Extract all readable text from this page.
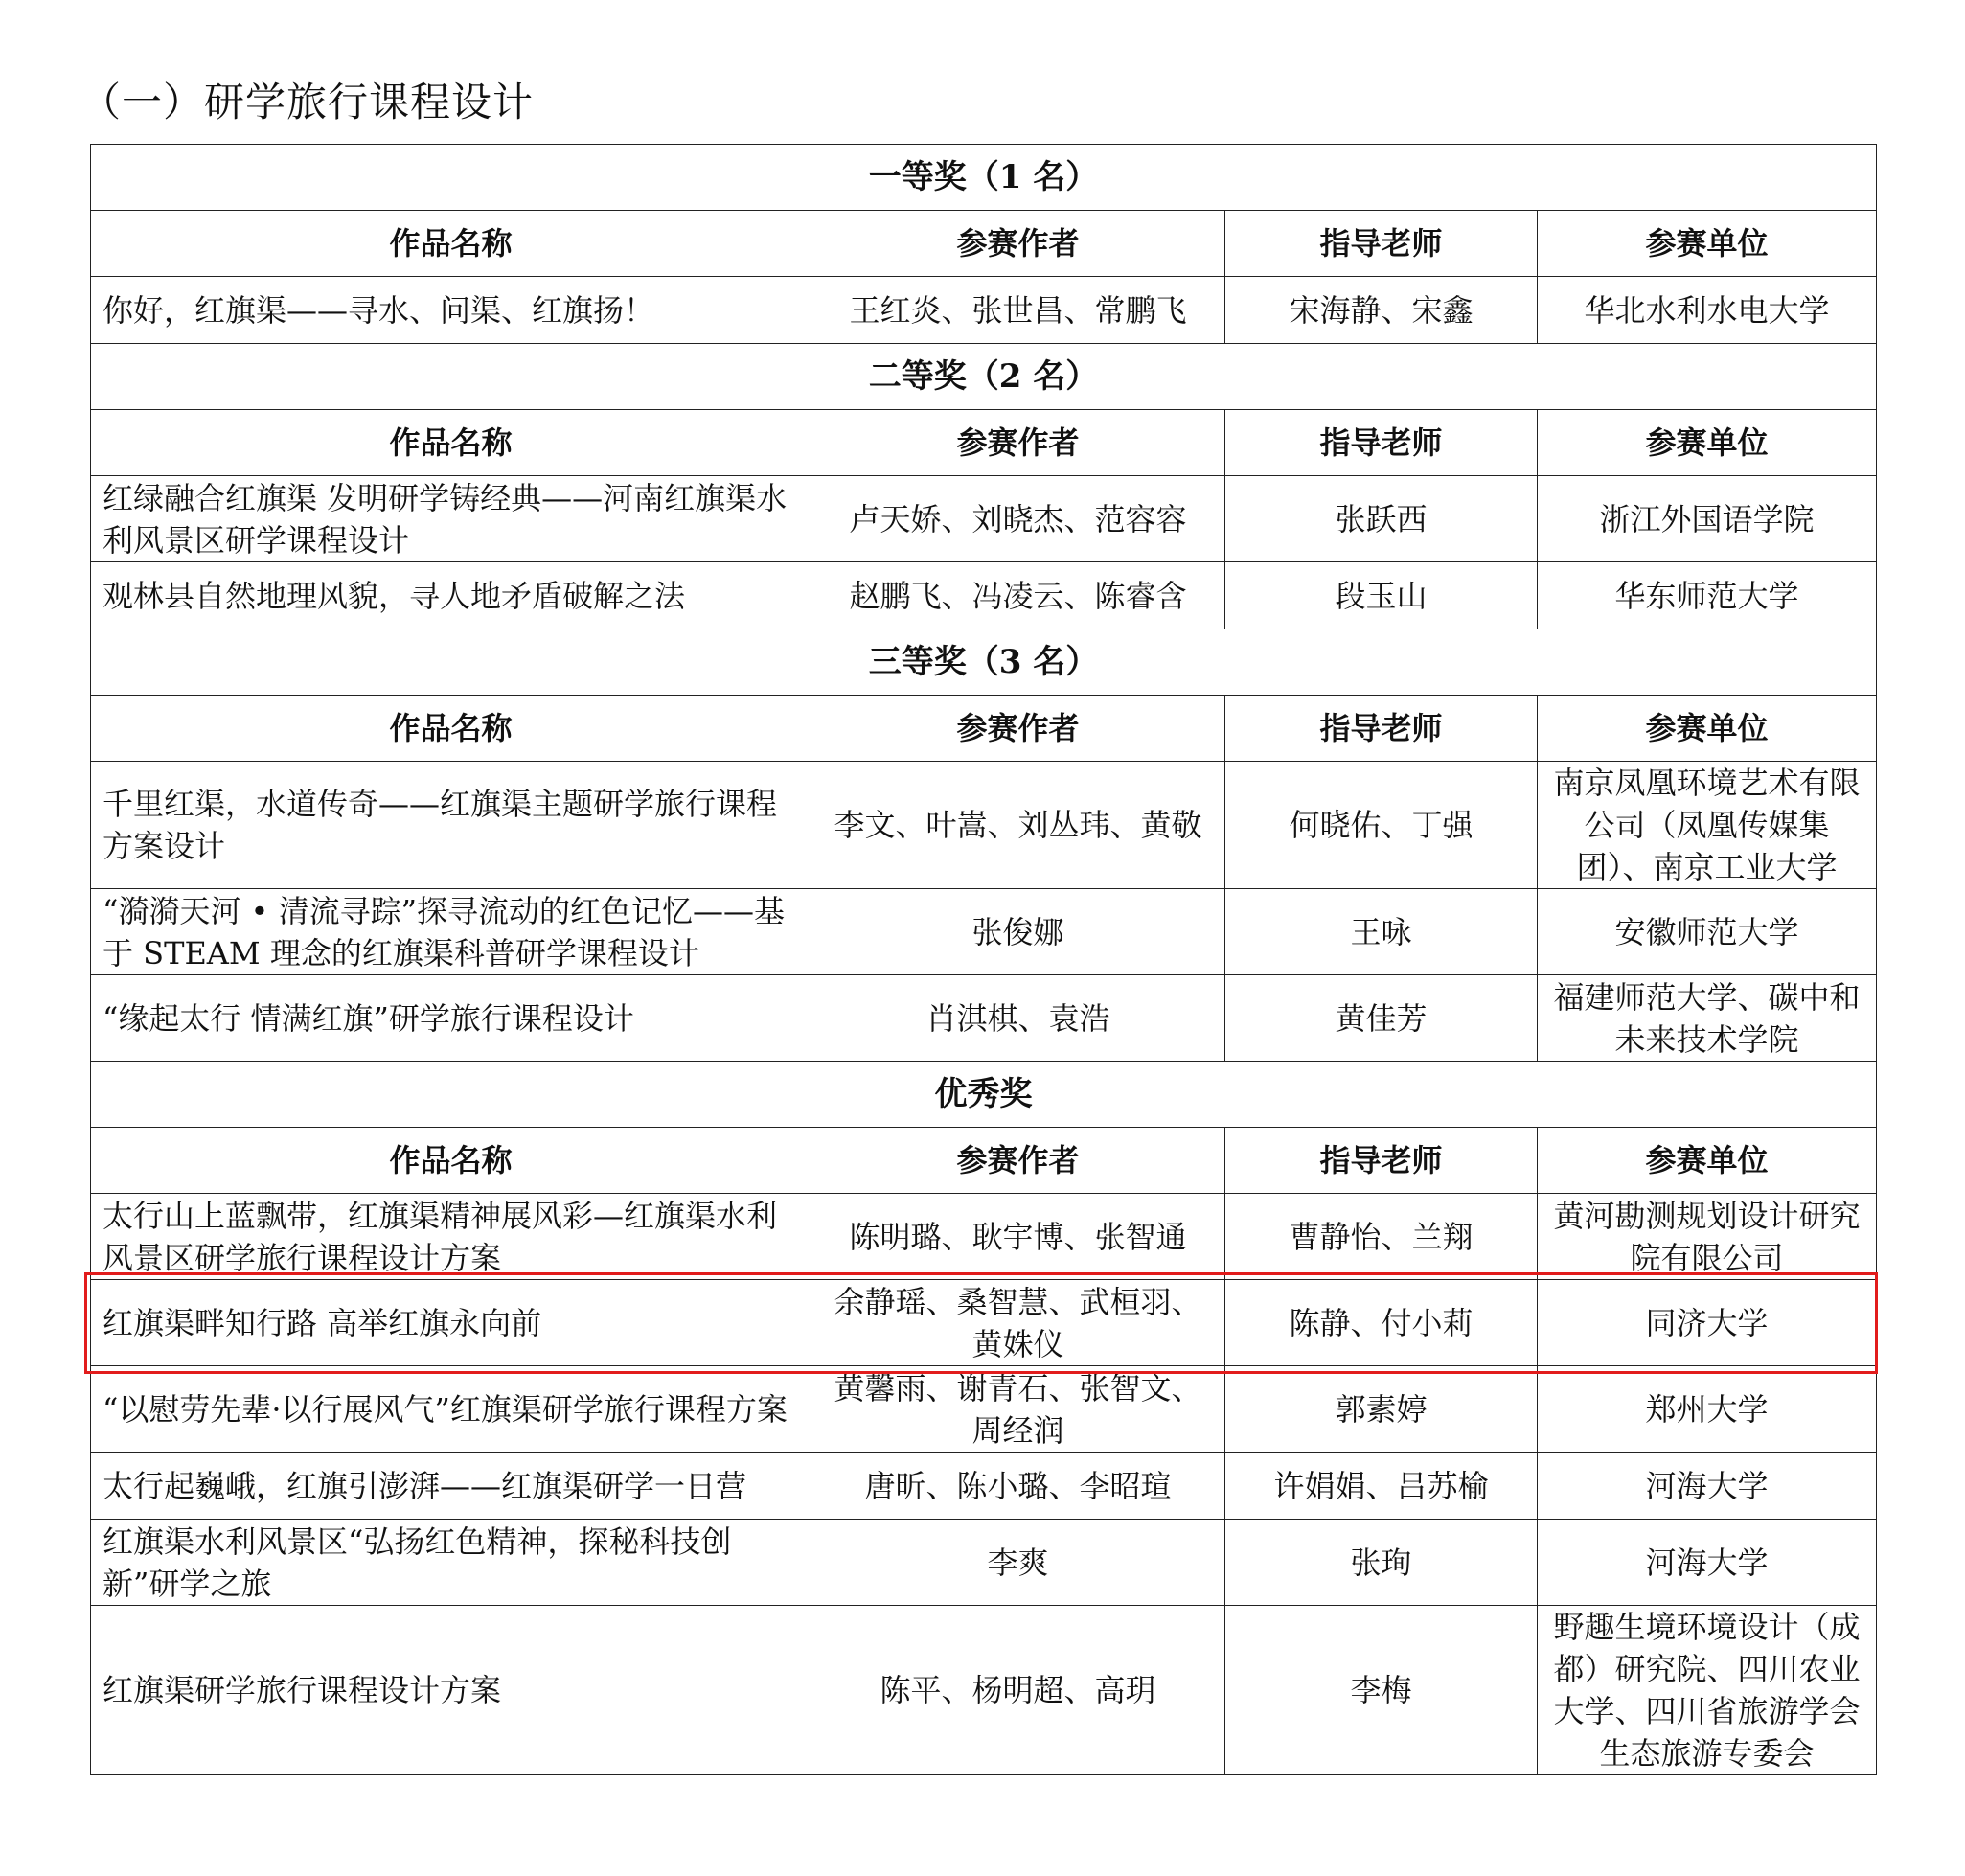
（一）研学旅行课程设计
一等奖（1 名）			
作品名称	参赛作者	指导老师	参赛单位
你好，红旗渠——寻水、问渠、红旗扬！	王红炎、张世昌、常鹏飞	宋海静、宋鑫	华北水利水电大学
二等奖（2 名）			
作品名称	参赛作者	指导老师	参赛单位
红绿融合红旗渠 发明研学铸经典——河南红旗渠水利风景区研学课程设计	卢天娇、刘晓杰、范容容	张跃西	浙江外国语学院
观林县自然地理风貌，寻人地矛盾破解之法	赵鹏飞、冯凌云、陈睿含	段玉山	华东师范大学
三等奖（3 名）			
作品名称	参赛作者	指导老师	参赛单位
千里红渠，水道传奇——红旗渠主题研学旅行课程方案设计	李文、叶嵩、刘丛玮、黄敬	何晓佑、丁强	南京凤凰环境艺术有限公司（凤凰传媒集团）、南京工业大学
“漪漪天河 • 清流寻踪”探寻流动的红色记忆——基于 STEAM 理念的红旗渠科普研学课程设计	张俊娜	王咏	安徽师范大学
“缘起太行 情满红旗”研学旅行课程设计	肖淇棋、袁浩	黄佳芳	福建师范大学、碳中和未来技术学院
优秀奖			
作品名称	参赛作者	指导老师	参赛单位
太行山上蓝飘带，红旗渠精神展风彩—红旗渠水利风景区研学旅行课程设计方案	陈明璐、耿宇博、张智通	曹静怡、兰翔	黄河勘测规划设计研究院有限公司
红旗渠畔知行路 高举红旗永向前	余静瑶、桑智慧、武桓羽、黄姝仪	陈静、付小莉	同济大学
“以慰劳先辈·以行展风气”红旗渠研学旅行课程方案	黄馨雨、谢青石、张智文、周经润	郭素婷	郑州大学
太行起巍峨，红旗引澎湃——红旗渠研学一日营	唐昕、陈小璐、李昭瑄	许娟娟、吕苏榆	河海大学
红旗渠水利风景区“弘扬红色精神，探秘科技创新”研学之旅	李爽	张珣	河海大学
红旗渠研学旅行课程设计方案	陈平、杨明超、高玥	李梅	野趣生境环境设计（成都）研究院、四川农业大学、四川省旅游学会生态旅游专委会
